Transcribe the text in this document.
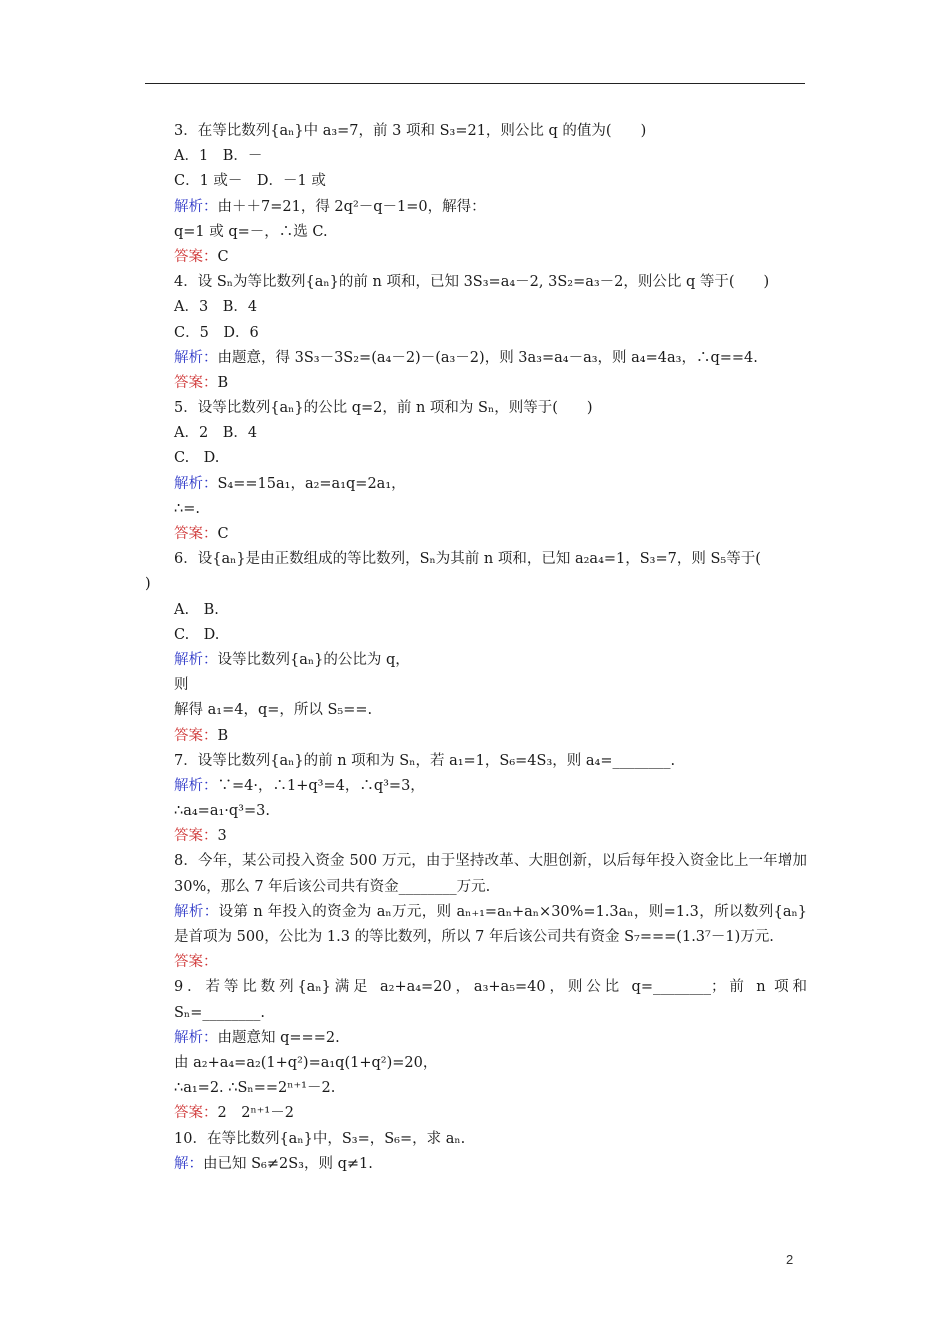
3．在等比数列{aₙ}中 a₃=7，前 3 项和 S₃=21，则公比 q 的值为(　　)
A．1　B．－
C．1 或－　D．－1 或
解析：由＋＋7=21，得 2q²－q－1=0，解得：
q=1 或 q=－，∴选 C.
答案：C
4．设 Sₙ为等比数列{aₙ}的前 n 项和，已知 3S₃=a₄－2, 3S₂=a₃－2，则公比 q 等于(　　)
A．3　B．4
C．5　D．6
解析：由题意，得 3S₃－3S₂=(a₄－2)－(a₃－2)，则 3a₃=a₄－a₃，则 a₄=4a₃，∴q==4.
答案：B
5．设等比数列{aₙ}的公比 q=2，前 n 项和为 Sₙ，则等于(　　)
A．2　B．4
C.　D.
解析：S₄==15a₁，a₂=a₁q=2a₁，
∴=.
答案：C
6．设{aₙ}是由正数组成的等比数列，Sₙ为其前 n 项和，已知 a₂a₄=1，S₃=7，则 S₅等于(
)
A.　B.
C.　D.
解析：设等比数列{aₙ}的公比为 q，
则
解得 a₁=4，q=，所以 S₅==.
答案：B
7．设等比数列{aₙ}的前 n 项和为 Sₙ，若 a₁=1，S₆=4S₃，则 a₄=________.
解析：∵=4·，∴1+q³=4，∴q³=3，
∴a₄=a₁·q³=3.
答案：3
8．今年，某公司投入资金 500 万元，由于坚持改革、大胆创新，以后每年投入资金比上一年增加 30%，那么 7 年后该公司共有资金________万元.
解析：设第 n 年投入的资金为 aₙ万元，则 aₙ₊₁=aₙ+aₙ×30%=1.3aₙ，则=1.3，所以数列{aₙ}是首项为 500，公比为 1.3 的等比数列，所以 7 年后该公司共有资金 S₇===(1.3⁷－1)万元.
答案：
9．若等比数列{aₙ}满足 a₂+a₄=20，a₃+a₅=40，则公比 q=________；前 n 项和 Sₙ=________.
解析：由题意知 q===2.
由 a₂+a₄=a₂(1+q²)=a₁q(1+q²)=20，
∴a₁=2. ∴Sₙ==2ⁿ⁺¹－2.
答案：2　2ⁿ⁺¹－2
10．在等比数列{aₙ}中，S₃=，S₆=，求 aₙ.
解：由已知 S₆≠2S₃，则 q≠1.
2
